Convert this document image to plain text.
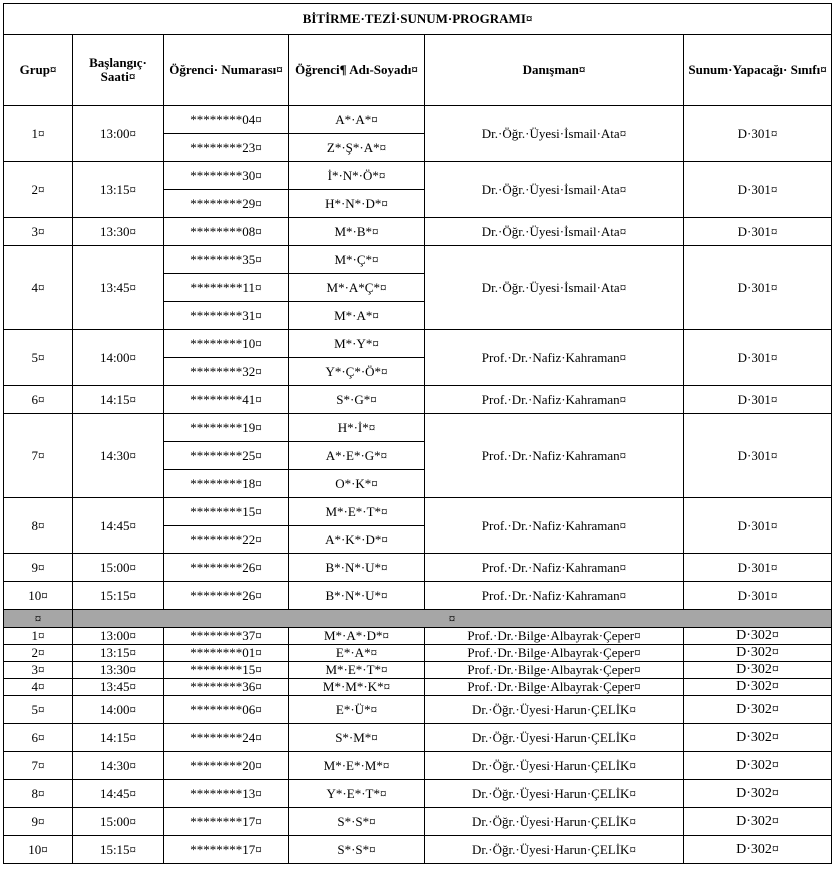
BİTİRME·TEZİ·SUNUM·PROGRAMI¤					
Grup¤	Başlangıç· Saati¤	Öğrenci· Numarası¤	Öğrenci¶ Adı-Soyadı¤	Danışman¤	Sunum·Yapacağı· Sınıfı¤
1¤	13:00¤	********04¤	A*·A*¤	Dr.·Öğr.·Üyesi·İsmail·Ata¤	D·301¤
		********23¤	Z*·Ş*·A*¤		
2¤	13:15¤	********30¤	İ*·N*·Ö*¤	Dr.·Öğr.·Üyesi·İsmail·Ata¤	D·301¤
		********29¤	H*·N*·D*¤		
3¤	13:30¤	********08¤	M*·B*¤	Dr.·Öğr.·Üyesi·İsmail·Ata¤	D·301¤
4¤	13:45¤	********35¤	M*·Ç*¤	Dr.·Öğr.·Üyesi·İsmail·Ata¤	D·301¤
		********11¤	M*·A*Ç*¤		
		********31¤	M*·A*¤		
5¤	14:00¤	********10¤	M*·Y*¤	Prof.·Dr.·Nafiz·Kahraman¤	D·301¤
		********32¤	Y*·Ç*·Ö*¤		
6¤	14:15¤	********41¤	S*·G*¤	Prof.·Dr.·Nafiz·Kahraman¤	D·301¤
7¤	14:30¤	********19¤	H*·İ*¤	Prof.·Dr.·Nafiz·Kahraman¤	D·301¤
		********25¤	A*·E*·G*¤		
		********18¤	O*·K*¤		
8¤	14:45¤	********15¤	M*·E*·T*¤	Prof.·Dr.·Nafiz·Kahraman¤	D·301¤
		********22¤	A*·K*·D*¤		
9¤	15:00¤	********26¤	B*·N*·U*¤	Prof.·Dr.·Nafiz·Kahraman¤	D·301¤
10¤	15:15¤	********26¤	B*·N*·U*¤	Prof.·Dr.·Nafiz·Kahraman¤	D·301¤
¤	¤				
1¤	13:00¤	********37¤	M*·A*·D*¤	Prof.·Dr.·Bilge·Albayrak·Çeper¤	D·302¤
2¤	13:15¤	********01¤	E*·A*¤	Prof.·Dr.·Bilge·Albayrak·Çeper¤	D·302¤
3¤	13:30¤	********15¤	M*·E*·T*¤	Prof.·Dr.·Bilge·Albayrak·Çeper¤	D·302¤
4¤	13:45¤	********36¤	M*·M*·K*¤	Prof.·Dr.·Bilge·Albayrak·Çeper¤	D·302¤
5¤	14:00¤	********06¤	E*·Ü*¤	Dr.·Öğr.·Üyesi·Harun·ÇELİK¤	D·302¤
6¤	14:15¤	********24¤	S*·M*¤	Dr.·Öğr.·Üyesi·Harun·ÇELİK¤	D·302¤
7¤	14:30¤	********20¤	M*·E*·M*¤	Dr.·Öğr.·Üyesi·Harun·ÇELİK¤	D·302¤
8¤	14:45¤	********13¤	Y*·E*·T*¤	Dr.·Öğr.·Üyesi·Harun·ÇELİK¤	D·302¤
9¤	15:00¤	********17¤	S*·S*¤	Dr.·Öğr.·Üyesi·Harun·ÇELİK¤	D·302¤
10¤	15:15¤	********17¤	S*·S*¤	Dr.·Öğr.·Üyesi·Harun·ÇELİK¤	D·302¤
